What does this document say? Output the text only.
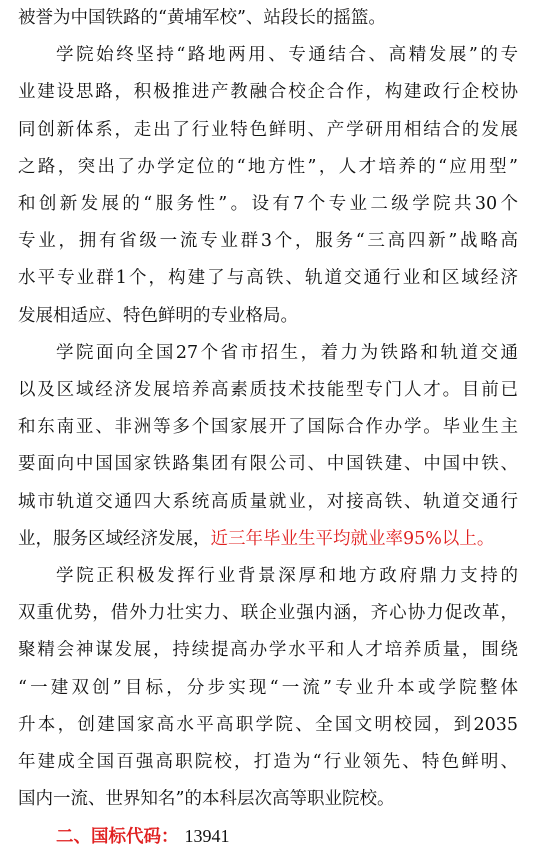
被誉为中国铁路的“黄埔军校”、站段长的摇篮。
学院始终坚持“路地两用、专通结合、高精发展”的专
业建设思路，积极推进产教融合校企合作，构建政行企校协
同创新体系，走出了行业特色鲜明、产学研用相结合的发展
之路，突出了办学定位的“地方性”，人才培养的“应用型”
和创新发展的“服务性”。设有7个专业二级学院共30个
专业，拥有省级一流专业群3个，服务“三高四新”战略高
水平专业群1个，构建了与高铁、轨道交通行业和区域经济
发展相适应、特色鲜明的专业格局。
学院面向全国27个省市招生，着力为铁路和轨道交通
以及区域经济发展培养高素质技术技能型专门人才。目前已
和东南亚、非洲等多个国家展开了国际合作办学。毕业生主
要面向中国国家铁路集团有限公司、中国铁建、中国中铁、
城市轨道交通四大系统高质量就业，对接高铁、轨道交通行
业，服务区域经济发展，近三年毕业生平均就业率95%以上。
学院正积极发挥行业背景深厚和地方政府鼎力支持的
双重优势，借外力壮实力、联企业强内涵，齐心协力促改革，
聚精会神谋发展，持续提高办学水平和人才培养质量，围绕
“一建双创”目标，分步实现“一流”专业升本或学院整体
升本，创建国家高水平高职学院、全国文明校园，到2035
年建成全国百强高职院校，打造为“行业领先、特色鲜明、
国内一流、世界知名”的本科层次高等职业院校。
二、国标代码： 13941
